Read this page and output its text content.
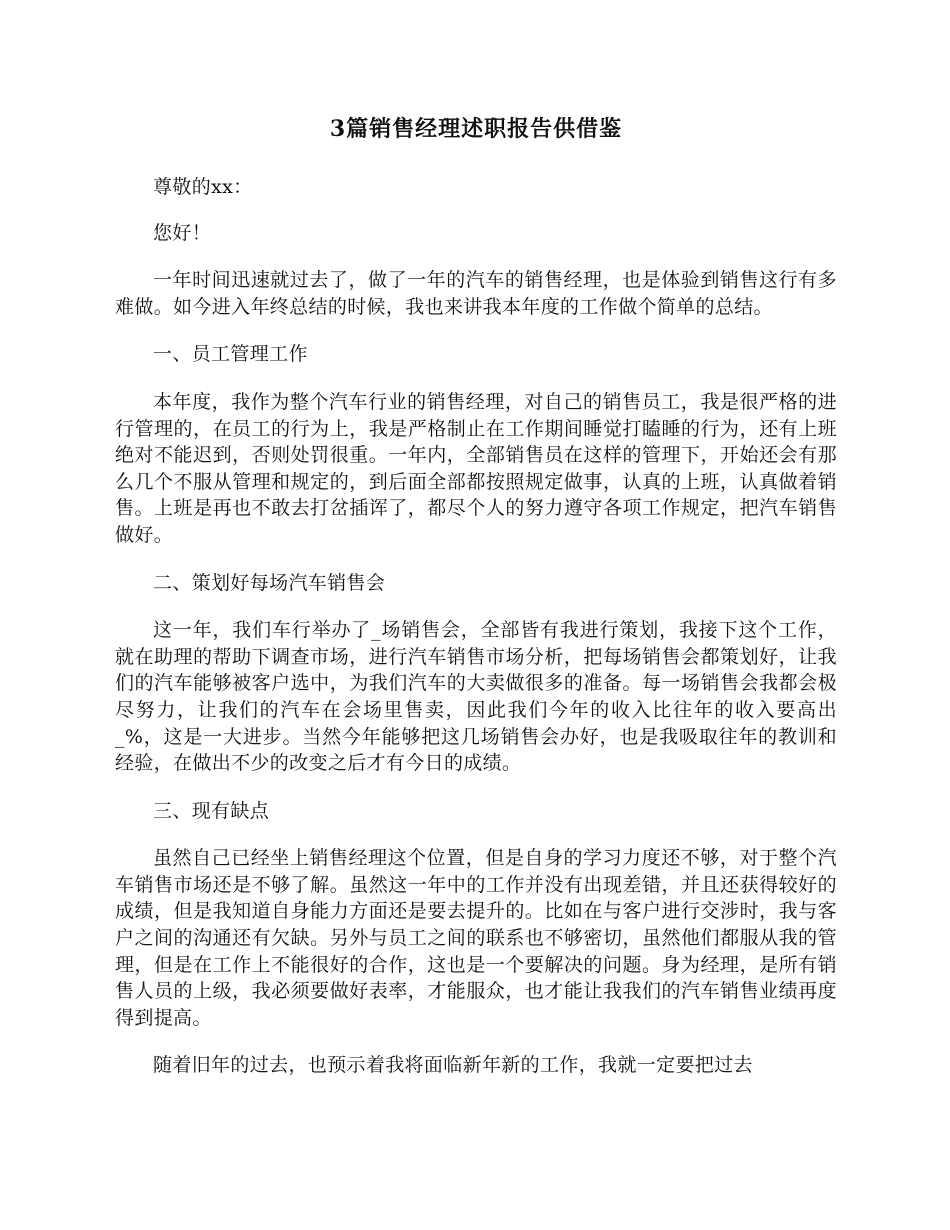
3篇销售经理述职报告供借鉴

尊敬的xx：

您好！

一年时间迅速就过去了，做了一年的汽车的销售经理，也是体验到销售这行有多难做。如今进入年终总结的时候，我也来讲我本年度的工作做个简单的总结。

一、员工管理工作

本年度，我作为整个汽车行业的销售经理，对自己的销售员工，我是很严格的进行管理的，在员工的行为上，我是严格制止在工作期间睡觉打瞌睡的行为，还有上班绝对不能迟到，否则处罚很重。一年内，全部销售员在这样的管理下，开始还会有那么几个不服从管理和规定的，到后面全部都按照规定做事，认真的上班，认真做着销售。上班是再也不敢去打岔插诨了，都尽个人的努力遵守各项工作规定，把汽车销售做好。

二、策划好每场汽车销售会

这一年，我们车行举办了_场销售会，全部皆有我进行策划，我接下这个工作，就在助理的帮助下调查市场，进行汽车销售市场分析，把每场销售会都策划好，让我们的汽车能够被客户选中，为我们汽车的大卖做很多的准备。每一场销售会我都会极尽努力，让我们的汽车在会场里售卖，因此我们今年的收入比往年的收入要高出_%，这是一大进步。当然今年能够把这几场销售会办好，也是我吸取往年的教训和经验，在做出不少的改变之后才有今日的成绩。

三、现有缺点

虽然自己已经坐上销售经理这个位置，但是自身的学习力度还不够，对于整个汽车销售市场还是不够了解。虽然这一年中的工作并没有出现差错，并且还获得较好的成绩，但是我知道自身能力方面还是要去提升的。比如在与客户进行交涉时，我与客户之间的沟通还有欠缺。另外与员工之间的联系也不够密切，虽然他们都服从我的管理，但是在工作上不能很好的合作，这也是一个要解决的问题。身为经理，是所有销售人员的上级，我必须要做好表率，才能服众，也才能让我我们的汽车销售业绩再度得到提高。

随着旧年的过去，也预示着我将面临新年新的工作，我就一定要把过去
